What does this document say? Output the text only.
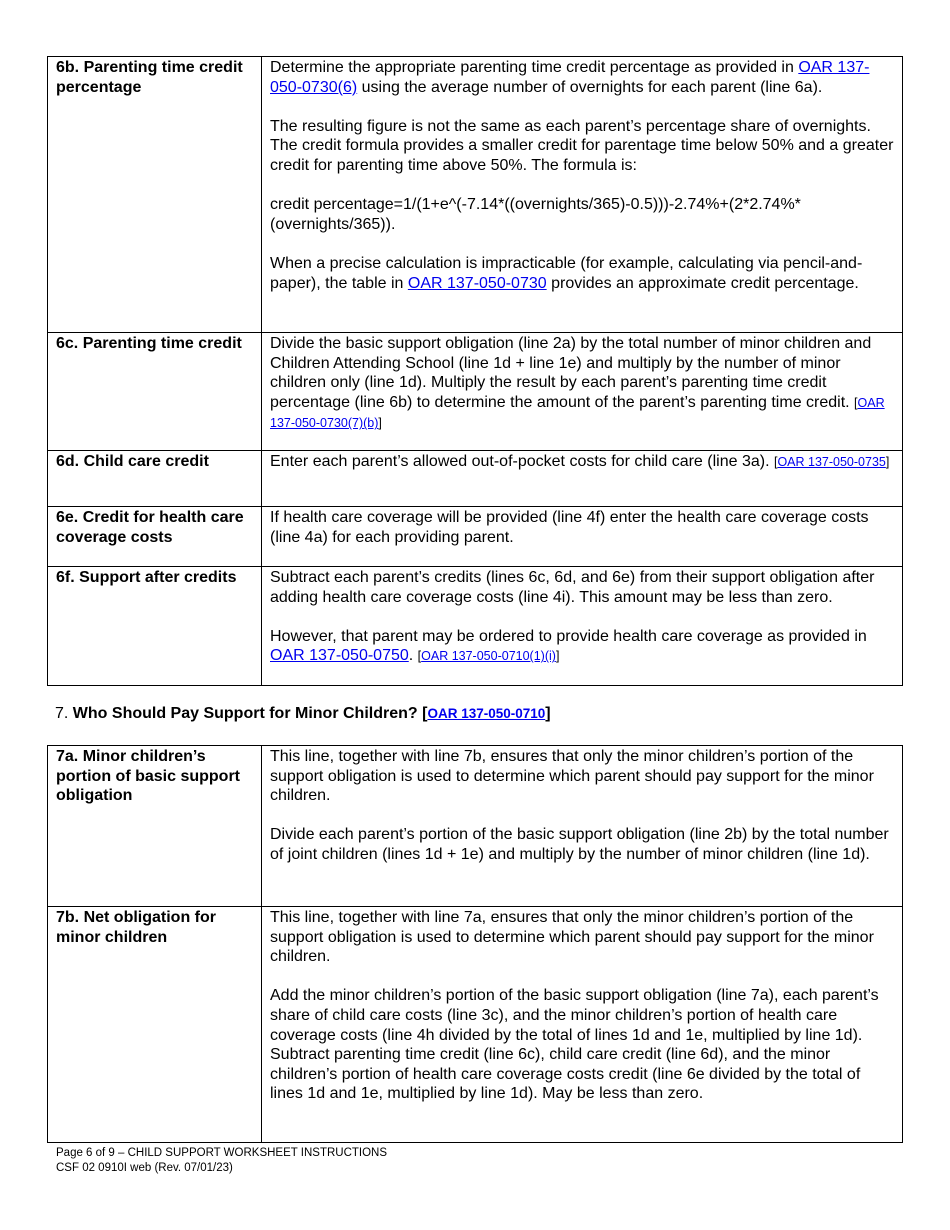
6b. Parenting time credit percentage	Determine the appropriate parenting time credit percentage as provided in OAR 137-050-0730(6) using the average number of overnights for each parent (line 6a).

The resulting figure is not the same as each parent’s percentage share of overnights. The credit formula provides a smaller credit for parentage time below 50% and a greater credit for parenting time above 50%. The formula is:

credit percentage=1/(1+e^(-7.14*((overnights/365)-0.5)))-2.74%+(2*2.74%*(overnights/365)).

When a precise calculation is impracticable (for example, calculating via pencil-and-paper), the table in OAR 137-050-0730 provides an approximate credit percentage.

6c. Parenting time credit	Divide the basic support obligation (line 2a) by the total number of minor children and Children Attending School (line 1d + line 1e) and multiply by the number of minor children only (line 1d). Multiply the result by each parent’s parenting time credit percentage (line 6b) to determine the amount of the parent’s parenting time credit. [OAR 137-050-0730(7)(b)]

6d. Child care credit	Enter each parent’s allowed out-of-pocket costs for child care (line 3a). [OAR 137-050-0735]

6e. Credit for health care coverage costs	If health care coverage will be provided (line 4f) enter the health care coverage costs (line 4a) for each providing parent.

6f. Support after credits	Subtract each parent’s credits (lines 6c, 6d, and 6e) from their support obligation after adding health care coverage costs (line 4i). This amount may be less than zero.

However, that parent may be ordered to provide health care coverage as provided in OAR 137-050-0750. [OAR 137-050-0710(1)(i)]

7. Who Should Pay Support for Minor Children? [OAR 137-050-0710]
7a. Minor children’s portion of basic support obligation	This line, together with line 7b, ensures that only the minor children’s portion of the support obligation is used to determine which parent should pay support for the minor children.

Divide each parent’s portion of the basic support obligation (line 2b) by the total number of joint children (lines 1d + 1e) and multiply by the number of minor children (line 1d).

7b. Net obligation for minor children	This line, together with line 7a, ensures that only the minor children’s portion of the support obligation is used to determine which parent should pay support for the minor children.

Add the minor children’s portion of the basic support obligation (line 7a), each parent’s share of child care costs (line 3c), and the minor children’s portion of health care coverage costs (line 4h divided by the total of lines 1d and 1e, multiplied by line 1d). Subtract parenting time credit (line 6c), child care credit (line 6d), and the minor children’s portion of health care coverage costs credit (line 6e divided by the total of lines 1d and 1e, multiplied by line 1d). May be less than zero.

Page 6 of 9 – CHILD SUPPORT WORKSHEET INSTRUCTIONS
CSF 02 0910I web (Rev. 07/01/23)
